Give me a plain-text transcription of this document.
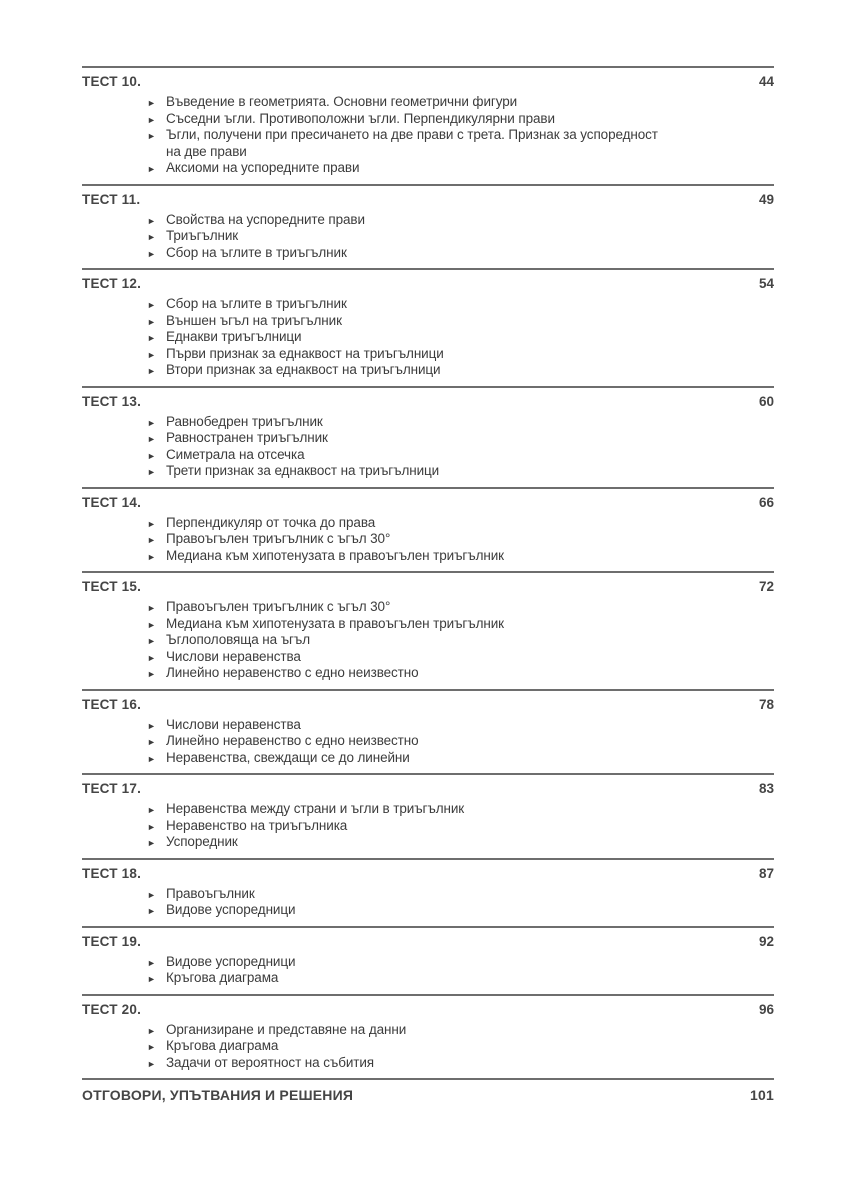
ТЕСТ 10.	44
► Въведение в геометрията. Основни геометрични фигури
► Съседни ъгли. Противоположни ъгли. Перпендикулярни прави
► Ъгли, получени при пресичането на две прави с трета. Признак за успоредност на две прави
► Аксиоми на успоредните прави
ТЕСТ 11.	49
► Свойства на успоредните прави
► Триъгълник
► Сбор на ъглите в триъгълник
ТЕСТ 12.	54
► Сбор на ъглите в триъгълник
► Външен ъгъл на триъгълник
► Еднакви триъгълници
► Първи признак за еднаквост на триъгълници
► Втори признак за еднаквост на триъгълници
ТЕСТ 13.	60
► Равнобедрен триъгълник
► Равностранен триъгълник
► Симетрала на отсечка
► Трети признак за еднаквост на триъгълници
ТЕСТ 14.	66
► Перпендикуляр от точка до права
► Правоъгълен триъгълник с ъгъл 30°
► Медиана към хипотенузата в правоъгълен триъгълник
ТЕСТ 15.	72
► Правоъгълен триъгълник с ъгъл 30°
► Медиана към хипотенузата в правоъгълен триъгълник
► Ъглополовяща на ъгъл
► Числови неравенства
► Линейно неравенство с едно неизвестно
ТЕСТ 16.	78
► Числови неравенства
► Линейно неравенство с едно неизвестно
► Неравенства, свеждащи се до линейни
ТЕСТ 17.	83
► Неравенства между страни и ъгли в триъгълник
► Неравенство на триъгълника
► Успоредник
ТЕСТ 18.	87
► Правоъгълник
► Видове успоредници
ТЕСТ 19.	92
► Видове успоредници
► Кръгова диаграма
ТЕСТ 20.	96
► Организиране и представяне на данни
► Кръгова диаграма
► Задачи от вероятност на събития
ОТГОВОРИ, УПЪТВАНИЯ И РЕШЕНИЯ	101
